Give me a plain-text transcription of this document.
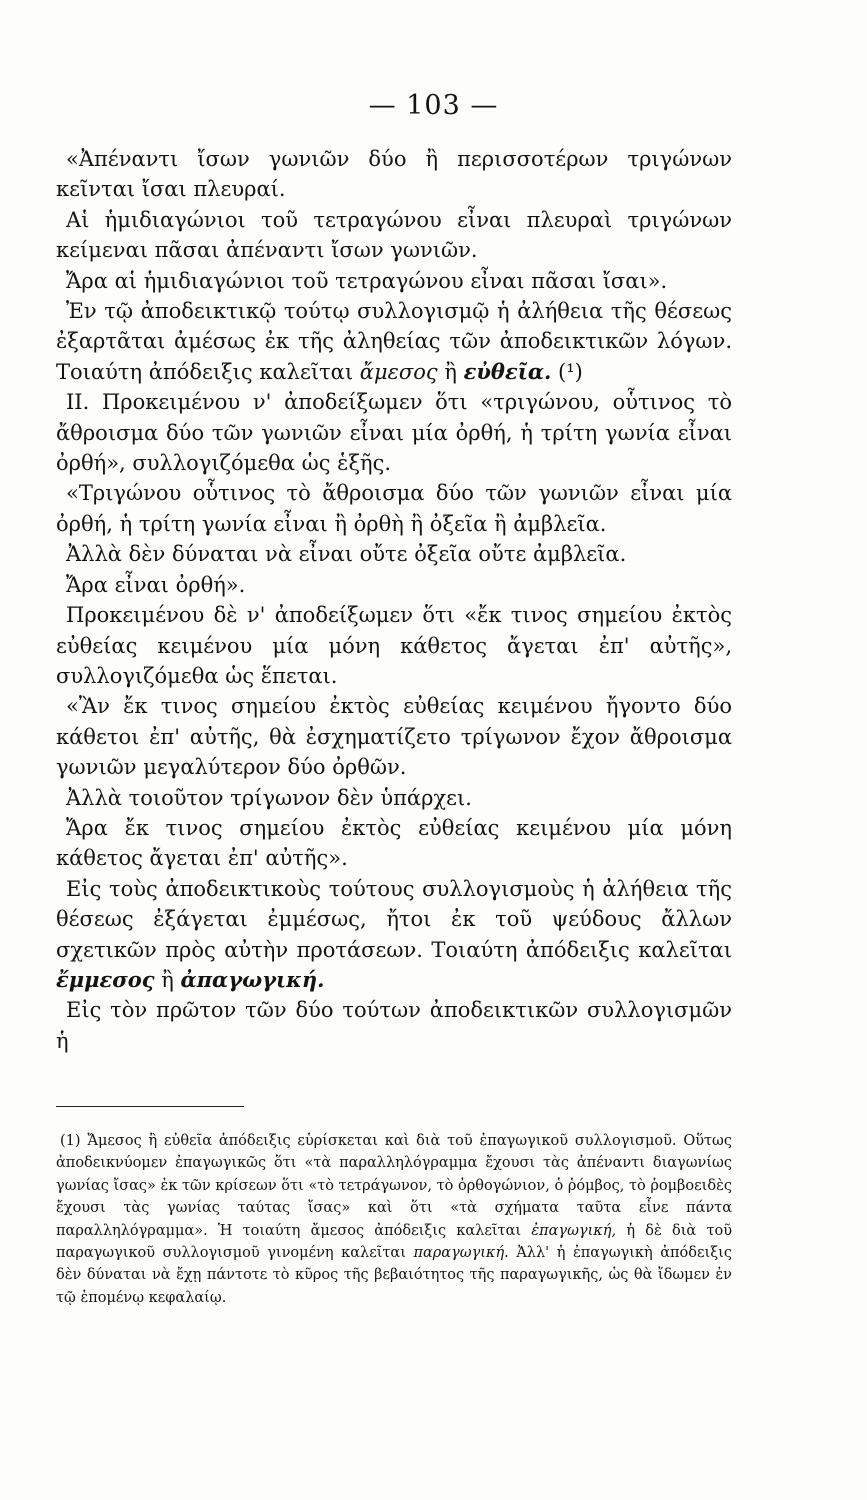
— 103 —

«Ἀπέναντι ἴσων γωνιῶν δύο ἢ περισσοτέρων τριγώνων κεῖνται ἴσαι πλευραί.

Αἱ ἡμιδιαγώνιοι τοῦ τετραγώνου εἶναι πλευραὶ τριγώνων κείμεναι πᾶσαι ἀπέναντι ἴσων γωνιῶν.

Ἄρα αἱ ἡμιδιαγώνιοι τοῦ τετραγώνου εἶναι πᾶσαι ἴσαι».

Ἐν τῷ ἀποδεικτικῷ τούτῳ συλλογισμῷ ἡ ἀλήθεια τῆς θέσεως ἐξαρτᾶται ἀμέσως ἐκ τῆς ἀληθείας τῶν ἀποδεικτικῶν λόγων. Τοιαύτη ἀπόδειξις καλεῖται ἄμεσος ἢ εὐθεῖα. (¹)

II. Προκειμένου ν' ἀποδείξωμεν ὅτι «τριγώνου, οὗτινος τὸ ἄθροισμα δύο τῶν γωνιῶν εἶναι μία ὀρθή, ἡ τρίτη γωνία εἶναι ὀρθή», συλλογιζόμεθα ὡς ἑξῆς.

«Τριγώνου οὗτινος τὸ ἄθροισμα δύο τῶν γωνιῶν εἶναι μία ὀρθή, ἡ τρίτη γωνία εἶναι ἢ ὀρθὴ ἢ ὀξεῖα ἢ ἀμβλεῖα.

Ἀλλὰ δὲν δύναται νὰ εἶναι οὔτε ὀξεῖα οὔτε ἀμβλεῖα.

Ἄρα εἶναι ὀρθή».

Προκειμένου δὲ ν' ἀποδείξωμεν ὅτι «ἔκ τινος σημείου ἐκτὸς εὐθείας κειμένου μία μόνη κάθετος ἄγεται ἐπ' αὐτῆς», συλλογιζόμεθα ὡς ἕπεται.

«Ἂν ἔκ τινος σημείου ἐκτὸς εὐθείας κειμένου ἤγοντο δύο κάθετοι ἐπ' αὐτῆς, θὰ ἐσχηματίζετο τρίγωνον ἔχον ἄθροισμα γωνιῶν μεγαλύτερον δύο ὀρθῶν.

Ἀλλὰ τοιοῦτον τρίγωνον δὲν ὑπάρχει.

Ἄρα ἔκ τινος σημείου ἐκτὸς εὐθείας κειμένου μία μόνη κάθετος ἄγεται ἐπ' αὐτῆς».

Εἰς τοὺς ἀποδεικτικοὺς τούτους συλλογισμοὺς ἡ ἀλήθεια τῆς θέσεως ἐξάγεται ἐμμέσως, ἤτοι ἐκ τοῦ ψεύδους ἄλλων σχετικῶν πρὸς αὐτὴν προτάσεων. Τοιαύτη ἀπόδειξις καλεῖται ἔμμεσος ἢ ἀπαγωγική.

Εἰς τὸν πρῶτον τῶν δύο τούτων ἀποδεικτικῶν συλλογισμῶν ἡ

(1) Ἄμεσος ἢ εὐθεῖα ἀπόδειξις εὑρίσκεται καὶ διὰ τοῦ ἐπαγωγικοῦ συλλογισμοῦ. Οὕτως ἀποδεικνύομεν ἐπαγωγικῶς ὅτι «τὰ παραλληλόγραμμα ἔχουσι τὰς ἀπέναντι διαγωνίως γωνίας ἴσας» ἐκ τῶν κρίσεων ὅτι «τὸ τετράγωνον, τὸ ὀρθογώνιον, ὁ ῥόμβος, τὸ ῥομβοειδὲς ἔχουσι τὰς γωνίας ταύτας ἴσας» καὶ ὅτι «τὰ σχήματα ταῦτα εἶνε πάντα παραλληλόγραμμα». Ἡ τοιαύτη ἄμεσος ἀπόδειξις καλεῖται ἐπαγωγική, ἡ δὲ διὰ τοῦ παραγωγικοῦ συλλογισμοῦ γινομένη καλεῖται παραγωγική. Ἀλλ' ἡ ἐπαγωγικὴ ἀπόδειξις δὲν δύναται νὰ ἔχῃ πάντοτε τὸ κῦρος τῆς βεβαιότητος τῆς παραγωγικῆς, ὡς θὰ ἴδωμεν ἐν τῷ ἑπομένῳ κεφαλαίῳ.
